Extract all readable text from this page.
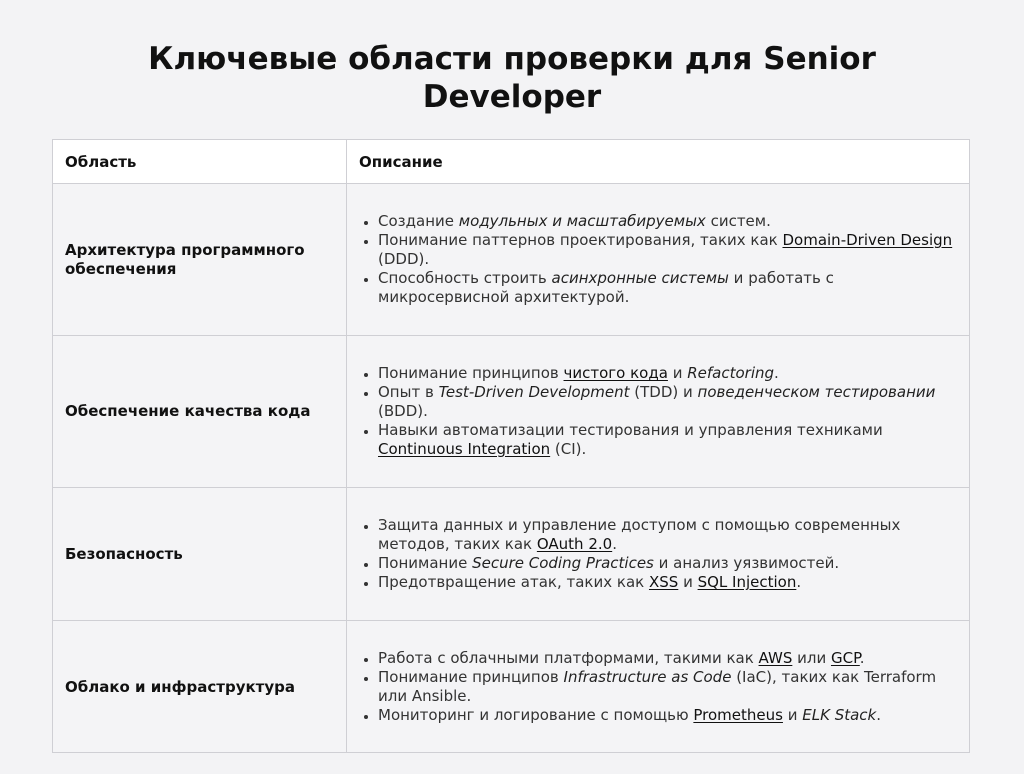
Ключевые области проверки для Senior Developer
Область	Описание
Архитектура программного обеспечения
• Создание модульных и масштабируемых систем.
• Понимание паттернов проектирования, таких как Domain-Driven Design (DDD).
• Способность строить асинхронные системы и работать с микросервисной архитектурой.
Обеспечение качества кода
• Понимание принципов чистого кода и Refactoring.
• Опыт в Test-Driven Development (TDD) и поведенческом тестировании (BDD).
• Навыки автоматизации тестирования и управления техниками Continuous Integration (CI).
Безопасность
• Защита данных и управление доступом с помощью современных методов, таких как OAuth 2.0.
• Понимание Secure Coding Practices и анализ уязвимостей.
• Предотвращение атак, таких как XSS и SQL Injection.
Облако и инфраструктура
• Работа с облачными платформами, такими как AWS или GCP.
• Понимание принципов Infrastructure as Code (IaC), таких как Terraform или Ansible.
• Мониторинг и логирование с помощью Prometheus и ELK Stack.
